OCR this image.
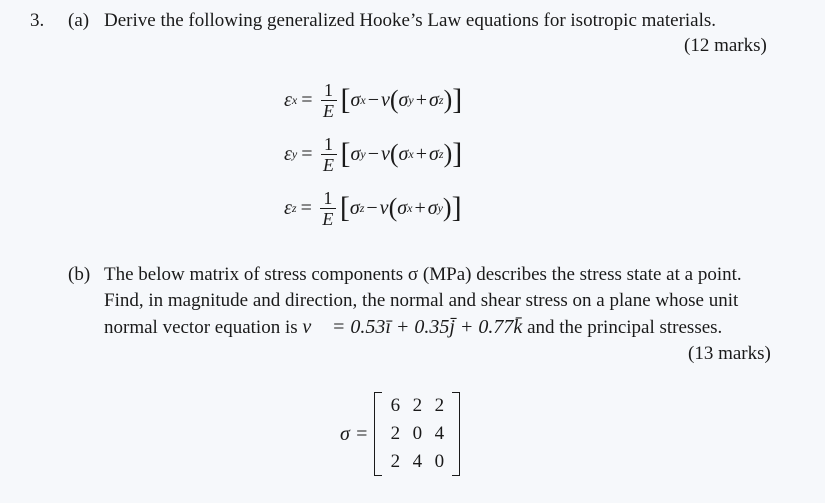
3. (a) Derive the following generalized Hooke’s Law equations for isotropic materials.
(12 marks)
ε $x = \frac{1}{E}$ [ σ x − ν ( σ y + σ z ) ]
ε $y = \frac{1}{E}$ [ σ y − ν ( σ x + σ z ) ]
ε $z = \frac{1}{E}$ [ σ z − ν ( σ x + σ y ) ]
(b) The below matrix of stress components σ (MPa) describes the stress state at a point.
Find, in magnitude and direction, the normal and shear stress on a plane whose unit
normal vector equation is v⃗ = 0.53ī + 0.35j̄ + 0.77k̄ and the principal stresses.
(13 marks)
σ =
6 2 2
2 0 4
2 4 0
